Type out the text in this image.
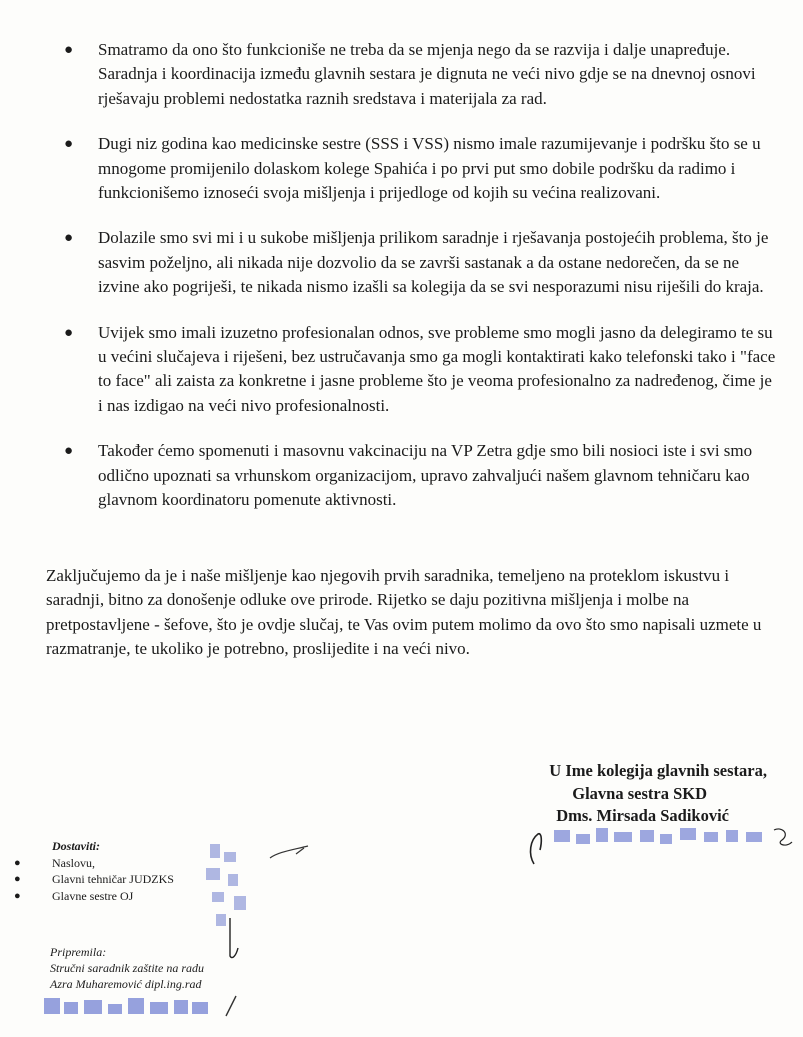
● Smatramo da ono što funkcioniše ne treba da se mjenja nego da se razvija i dalje unapređuje. Saradnja i koordinacija između glavnih sestara je dignuta ne veći nivo gdje se na dnevnoj osnovi rješavaju problemi nedostatka raznih sredstava i materijala za rad.
● Dugi niz godina kao medicinske sestre (SSS i VSS) nismo imale razumijevanje i podršku što se u mnogome promijenilo dolaskom kolege Spahića i po prvi put smo dobile podršku da radimo i funkcionišemo iznoseći svoja mišljenja i prijedloge od kojih su većina realizovani.
● Dolazile smo svi mi i u sukobe mišljenja prilikom saradnje i rješavanja postojećih problema, što je sasvim poželjno, ali nikada nije dozvolio da se završi sastanak a da ostane nedorečen, da se ne izvine ako pogriješi, te nikada nismo izašli sa kolegija da se svi nesporazumi nisu riješili do kraja.
● Uvijek smo imali izuzetno profesionalan odnos, sve probleme smo mogli jasno da delegiramo te su u većini slučajeva i riješeni, bez ustručavanja smo ga mogli kontaktirati kako telefonski tako i "face to face" ali zaista za konkretne i jasne probleme što je veoma profesionalno za nadređenog, čime je i nas izdigao na veći nivo profesionalnosti.
● Također ćemo spomenuti i masovnu vakcinaciju na VP Zetra gdje smo bili nosioci iste i svi smo odlično upoznati sa vrhunskom organizacijom, upravo zahvaljući našem glavnom tehničaru kao glavnom koordinatoru pomenute aktivnosti.

Zaključujemo da je i naše mišljenje kao njegovih prvih saradnika, temeljeno na proteklom iskustvu i saradnji, bitno za donošenje odluke ove prirode. Rijetko se daju pozitivna mišljenja i molbe na pretpostavljene - šefove, što je ovdje slučaj, te Vas ovim putem molimo da ovo što smo napisali uzmete u razmatranje, te ukoliko je potrebno, proslijedite i na veći nivo.

U Ime kolegija glavnih sestara,
Glavna sestra SKD
Dms. Mirsada Sadiković
Dostaviti:
●	Naslovu,
●	Glavni tehničar JUDZKS
●	Glavne sestre OJ
Pripremila:
Stručni saradnik zaštite na radu
Azra Muharemović dipl.ing.rad
